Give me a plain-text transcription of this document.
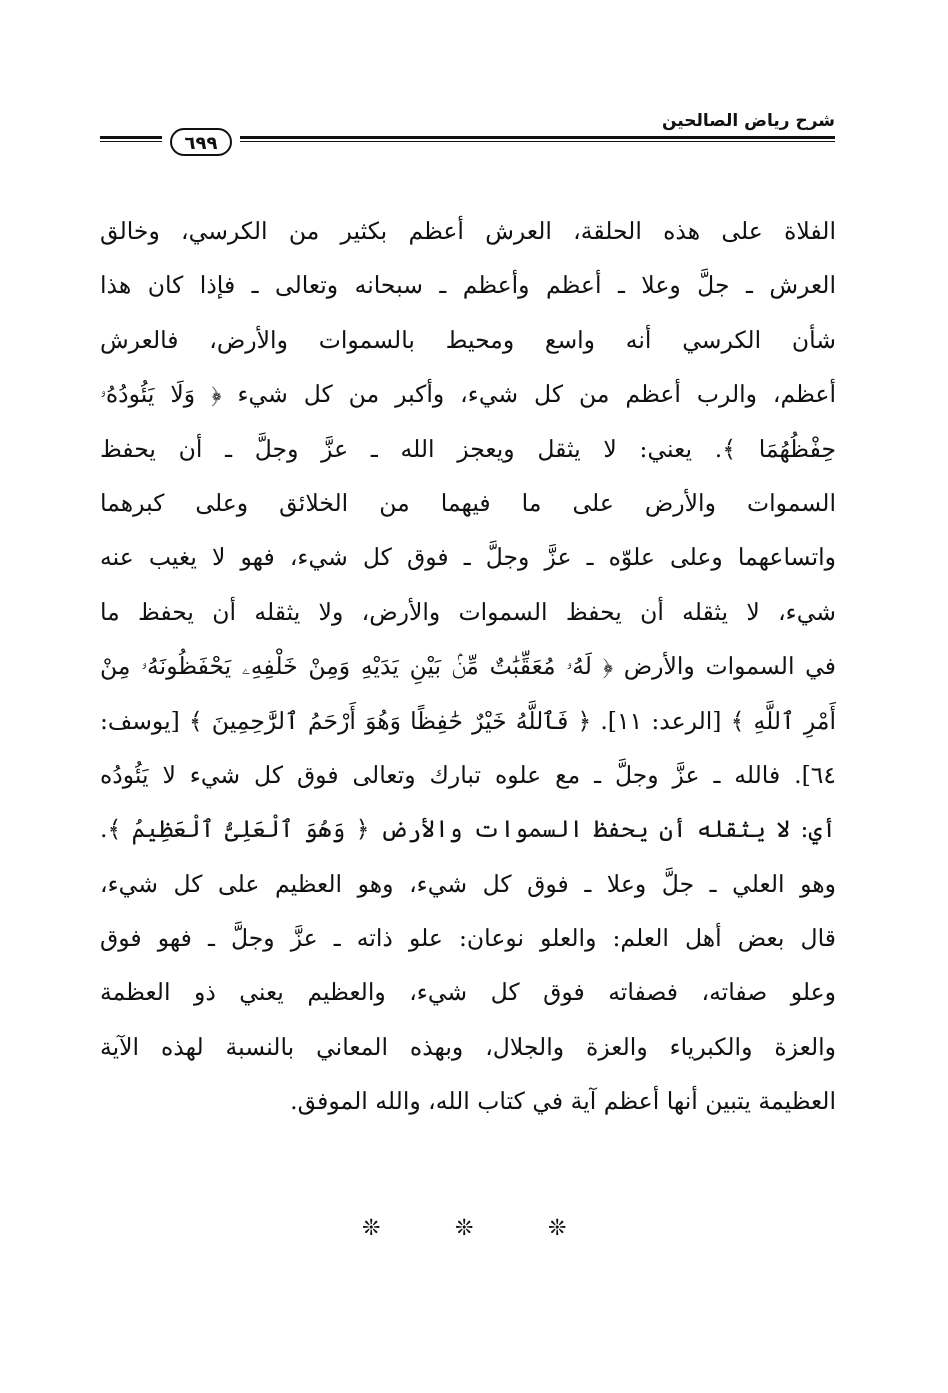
شرح رياض الصالحين
٦٩٩
الفلاة على هذه الحلقة، العرش أعظم بكثير من الكرسي، وخالق
العرش ـ جلَّ وعلا ـ أعظم وأعظم ـ سبحانه وتعالى ـ فإذا كان هذا
شأن الكرسي أنه واسع ومحيط بالسموات والأرض، فالعرش
أعظم، والرب أعظم من كل شيء، وأكبر من كل شيء ﴿ وَلَا يَئُودُهُۥ
حِفْظُهُمَا ﴾. يعني: لا يثقل ويعجز الله ـ عزَّ وجلَّ ـ أن يحفظ
السموات والأرض على ما فيهما من الخلائق وعلى كبرهما
واتساعهما وعلى علوّه ـ عزَّ وجلَّ ـ فوق كل شيء، فهو لا يغيب عنه
شيء، لا يثقله أن يحفظ السموات والأرض، ولا يثقله أن يحفظ ما
في السموات والأرض ﴿ لَهُۥ مُعَقِّبَٰتٌ مِّنۢ بَيْنِ يَدَيْهِ وَمِنْ خَلْفِهِۦ يَحْفَظُونَهُۥ مِنْ
أَمْرِ ٱللَّهِ ﴾ [الرعد: ١١]. ﴿ فَٱللَّهُ خَيْرٌ حَٰفِظًا وَهُوَ أَرْحَمُ ٱلرَّٰحِمِينَ ﴾ [يوسف:
٦٤]. فالله ـ عزَّ وجلَّ ـ مع علوه تبارك وتعالى فوق كل شيء لا يَئُودُه
أي: لا يثقله أن يحفظ السموات والأرض ﴿ وَهُوَ ٱلْعَلِىُّ ٱلْعَظِيمُ ﴾.
وهو العلي ـ جلَّ وعلا ـ فوق كل شيء، وهو العظيم على كل شيء،
قال بعض أهل العلم: والعلو نوعان: علو ذاته ـ عزَّ وجلَّ ـ فهو فوق
وعلو صفاته، فصفاته فوق كل شيء، والعظيم يعني ذو العظمة
والعزة والكبرياء والعزة والجلال، وبهذه المعاني بالنسبة لهذه الآية
العظيمة يتبين أنها أعظم آية في كتاب الله، والله الموفق.
❊	❊	❊
